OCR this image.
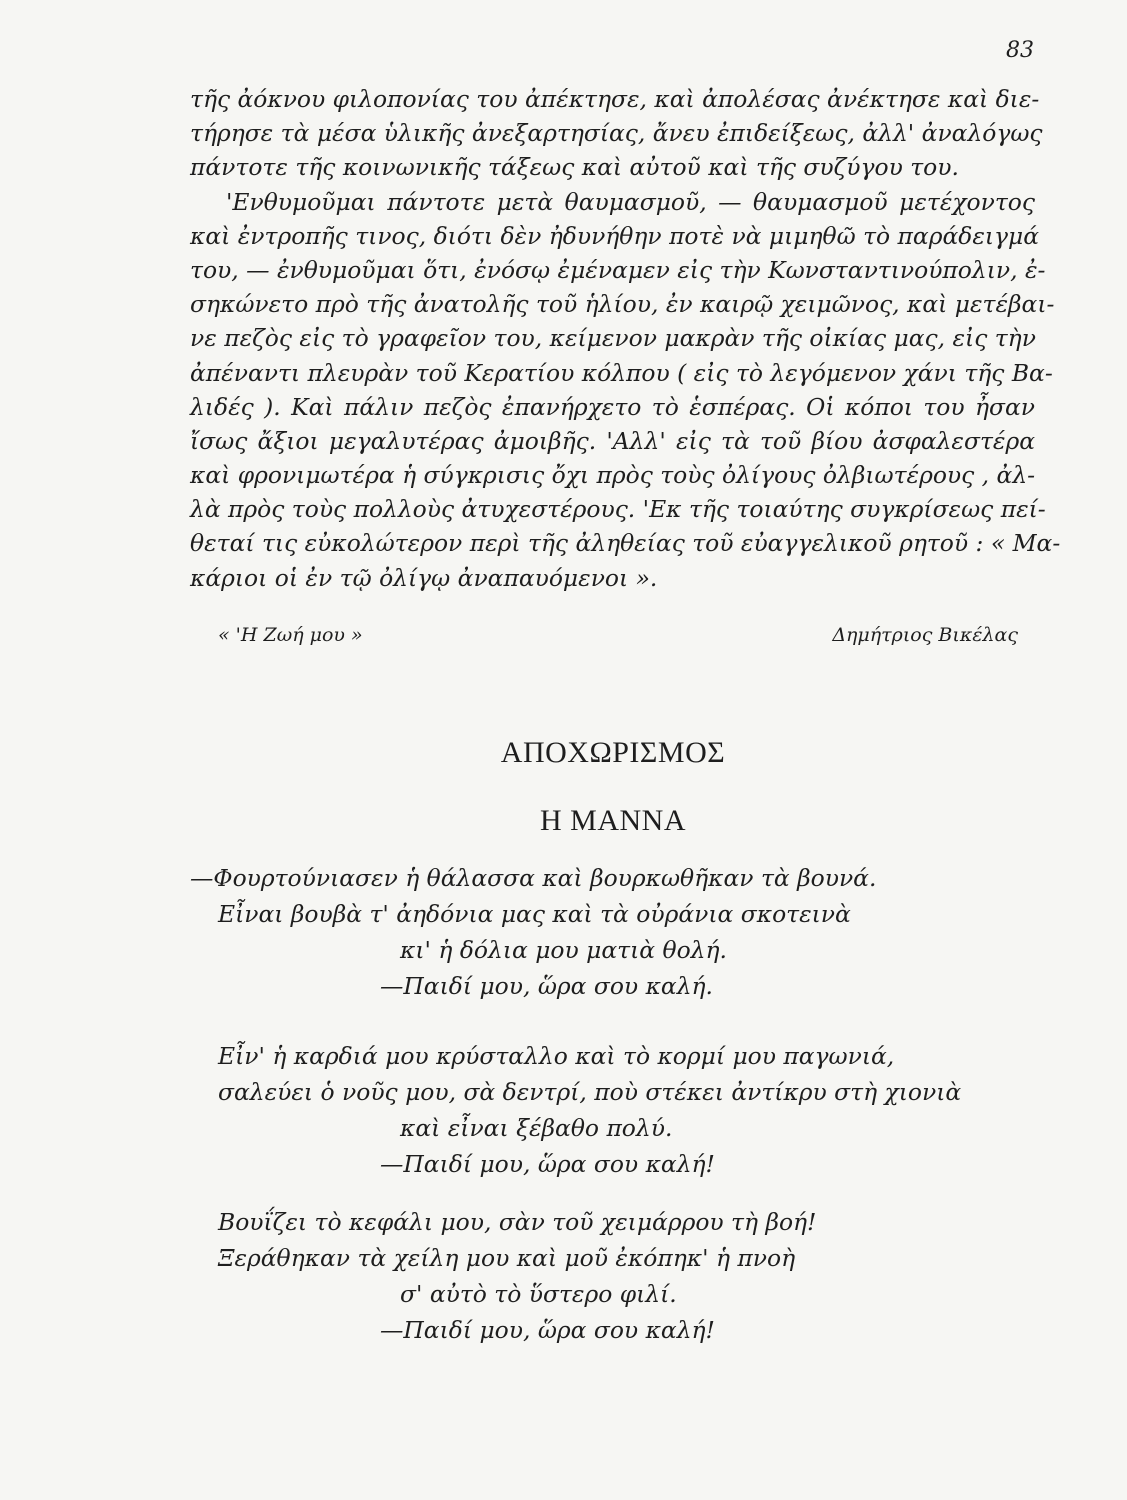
83
τῆς ἀόκνου φιλοπονίας του ἀπέκτησε, καὶ ἀπολέσας ἀνέκτησε καὶ διε-
τήρησε τὰ μέσα ὑλικῆς ἀνεξαρτησίας, ἄνευ ἐπιδείξεως, ἀλλ' ἀναλόγως
πάντοτε τῆς κοινωνικῆς τάξεως καὶ αὐτοῦ καὶ τῆς συζύγου του.
'Ενθυμοῦμαι πάντοτε μετὰ θαυμασμοῦ, — θαυμασμοῦ μετέχοντος
καὶ ἐντροπῆς τινος, διότι δὲν ἠδυνήθην ποτὲ νὰ μιμηθῶ τὸ παράδειγμά
του, — ἐνθυμοῦμαι ὅτι, ἐνόσῳ ἐμέναμεν εἰς τὴν Κωνσταντινούπολιν, ἐ-
σηκώνετο πρὸ τῆς ἀνατολῆς τοῦ ἡλίου, ἐν καιρῷ χειμῶνος, καὶ μετέβαι-
νε πεζὸς εἰς τὸ γραφεῖον του, κείμενον μακρὰν τῆς οἰκίας μας, εἰς τὴν
ἀπέναντι πλευρὰν τοῦ Κερατίου κόλπου ( εἰς τὸ λεγόμενον χάνι τῆς Βα-
λιδές ). Καὶ πάλιν πεζὸς ἐπανήρχετο τὸ ἑσπέρας. Οἱ κόποι του ἦσαν
ἴσως ἄξιοι μεγαλυτέρας ἀμοιβῆς. 'Αλλ' εἰς τὰ τοῦ βίου ἀσφαλεστέρα
καὶ φρονιμωτέρα ἡ σύγκρισις ὄχι πρὸς τοὺς ὀλίγους ὀλβιωτέρους , ἀλ-
λὰ πρὸς τοὺς πολλοὺς ἀτυχεστέρους. 'Εκ τῆς τοιαύτης συγκρίσεως πεί-
θεταί τις εὐκολώτερον περὶ τῆς ἀληθείας τοῦ εὐαγγελικοῦ ρητοῦ : « Μα-
κάριοι οἱ ἐν τῷ ὀλίγῳ ἀναπαυόμενοι ».
« 'Η Ζωή μου »	Δημήτριος Βικέλας
ΑΠΟΧΩΡΙΣΜΟΣ
Η ΜΑΝΝΑ
—Φουρτούνιασεν ἡ θάλασσα καὶ βουρκωθῆκαν τὰ βουνά.
Εἶναι βουβὰ τ' ἀηδόνια μας καὶ τὰ οὐράνια σκοτεινὰ
κι' ἡ δόλια μου ματιὰ θολή.
—Παιδί μου, ὥρα σου καλή.
Εἶν' ἡ καρδιά μου κρύσταλλο καὶ τὸ κορμί μου παγωνιά,
σαλεύει ὁ νοῦς μου, σὰ δεντρί, ποὺ στέκει ἀντίκρυ στὴ χιονιὰ
καὶ εἶναι ξέβαθο πολύ.
—Παιδί μου, ὥρα σου καλή!
Βουΐζει τὸ κεφάλι μου, σὰν τοῦ χειμάρρου τὴ βοή!
Ξεράθηκαν τὰ χείλη μου καὶ μοῦ ἐκόπηκ' ἡ πνοὴ
σ' αὐτὸ τὸ ὕστερο φιλί.
—Παιδί μου, ὥρα σου καλή!
